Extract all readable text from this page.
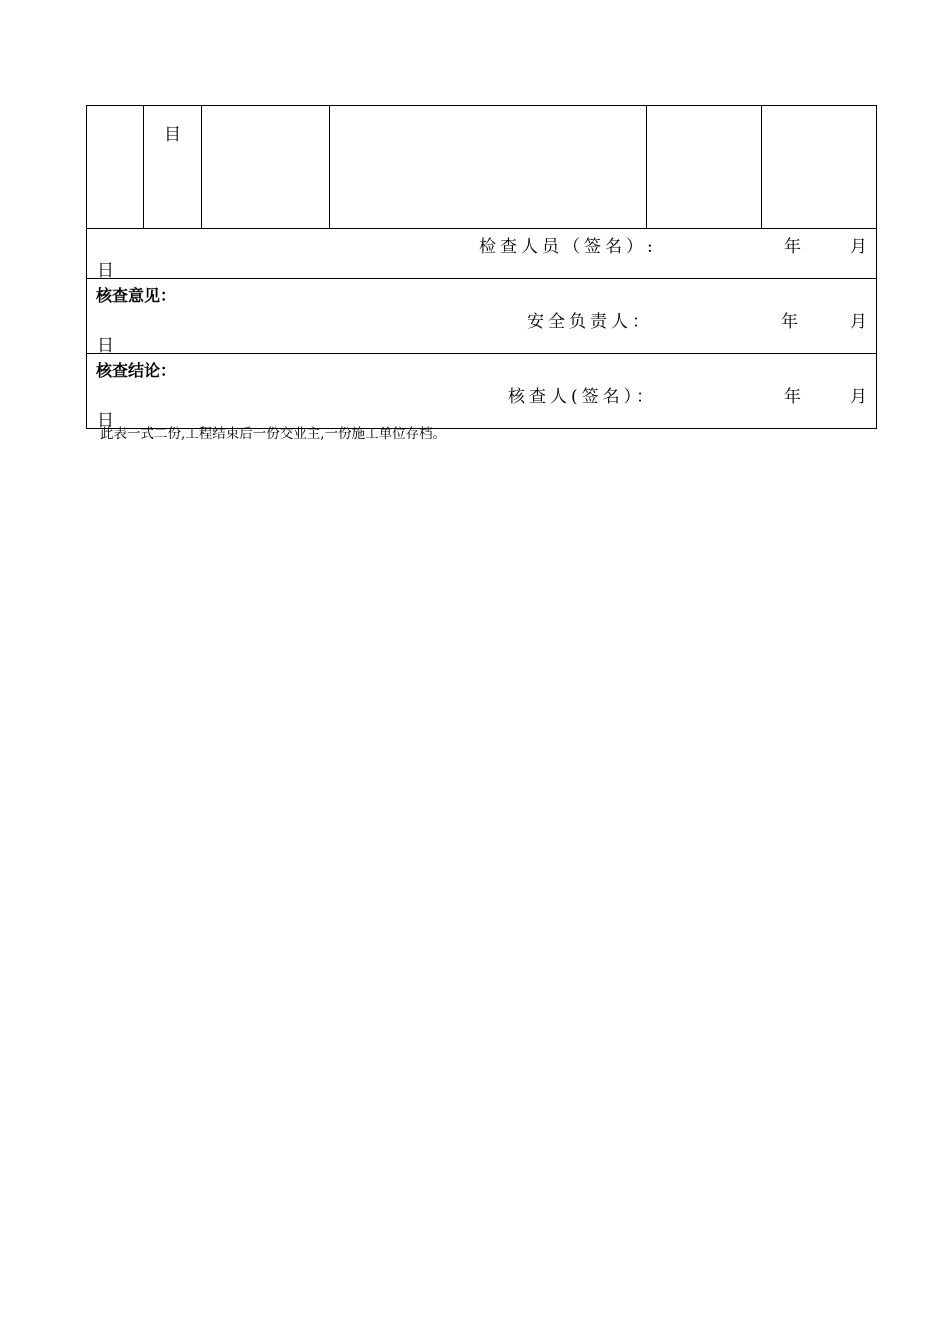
	目				

检查人员（签名）:	年	月
日

核查意见：
安全负责人：	年	月
日

核查结论：
核查人(签名）：	年	月
日
此表一式二份,工程结束后一份交业主,一份施工单位存档。
